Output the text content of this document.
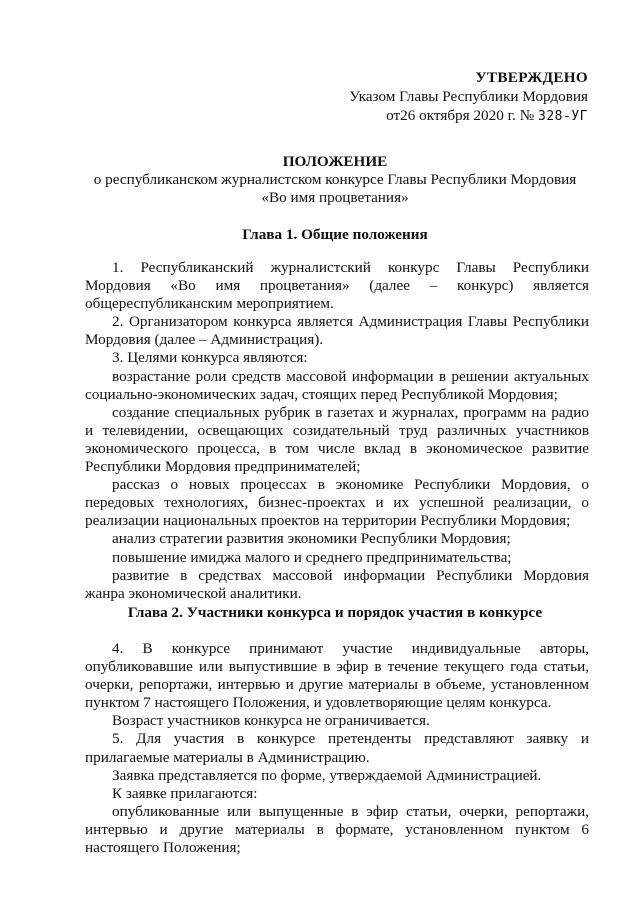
УТВЕРЖДЕНО
Указом Главы Республики Мордовия
от26 октября 2020 г. № 328-УГ
ПОЛОЖЕНИЕ
о республиканском журналистском конкурсе Главы Республики Мордовия
«Во имя процветания»
Глава 1. Общие положения

1. Республиканский журналистский конкурс Главы Республики Мордовия «Во имя процветания» (далее – конкурс) является общереспубликанским мероприятием.

2. Организатором конкурса является Администрация Главы Республики Мордовия (далее – Администрация).

3. Целями конкурса являются:

возрастание роли средств массовой информации в решении актуальных социально-экономических задач, стоящих перед Республикой Мордовия;

создание специальных рубрик в газетах и журналах, программ на радио и телевидении, освещающих созидательный труд различных участников экономического процесса, в том числе вклад в экономическое развитие Республики Мордовия предпринимателей;

рассказ о новых процессах в экономике Республики Мордовия, о передовых технологиях, бизнес-проектах и их успешной реализации, о реализации национальных проектов на территории Республики Мордовия;

анализ стратегии развития экономики Республики Мордовия;

повышение имиджа малого и среднего предпринимательства;

развитие в средствах массовой информации Республики Мордовия жанра экономической аналитики.

Глава 2. Участники конкурса и порядок участия в конкурсе

4. В конкурсе принимают участие индивидуальные авторы, опубликовавшие или выпустившие в эфир в течение текущего года статьи, очерки, репортажи, интервью и другие материалы в объеме, установленном пунктом 7 настоящего Положения, и удовлетворяющие целям конкурса.

Возраст участников конкурса не ограничивается.

5. Для участия в конкурсе претенденты представляют заявку и прилагаемые материалы в Администрацию.

Заявка представляется по форме, утверждаемой Администрацией.

К заявке прилагаются:

опубликованные или выпущенные в эфир статьи, очерки, репортажи, интервью и другие материалы в формате, установленном пунктом 6 настоящего Положения;
